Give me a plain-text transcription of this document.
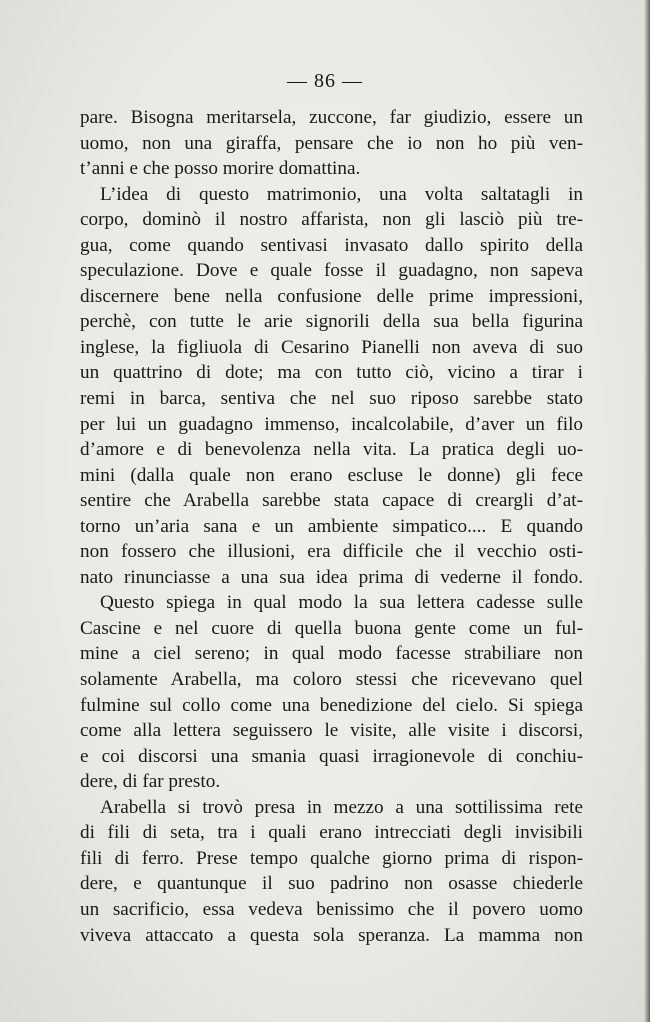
— 86 —
pare. Bisogna meritarsela, zuccone, far giudizio, essere un
uomo, non una giraffa, pensare che io non ho più ven-
t’anni e che posso morire domattina.
L’idea di questo matrimonio, una volta saltatagli in
corpo, dominò il nostro affarista, non gli lasciò più tre-
gua, come quando sentivasi invasato dallo spirito della
speculazione. Dove e quale fosse il guadagno, non sapeva
discernere bene nella confusione delle prime impressioni,
perchè, con tutte le arie signorili della sua bella figurina
inglese, la figliuola di Cesarino Pianelli non aveva di suo
un quattrino di dote; ma con tutto ciò, vicino a tirar i
remi in barca, sentiva che nel suo riposo sarebbe stato
per lui un guadagno immenso, incalcolabile, d’aver un filo
d’amore e di benevolenza nella vita. La pratica degli uo-
mini (dalla quale non erano escluse le donne) gli fece
sentire che Arabella sarebbe stata capace di creargli d’at-
torno un’aria sana e un ambiente simpatico.... E quando
non fossero che illusioni, era difficile che il vecchio osti-
nato rinunciasse a una sua idea prima di vederne il fondo.
Questo spiega in qual modo la sua lettera cadesse sulle
Cascine e nel cuore di quella buona gente come un ful-
mine a ciel sereno; in qual modo facesse strabiliare non
solamente Arabella, ma coloro stessi che ricevevano quel
fulmine sul collo come una benedizione del cielo. Si spiega
come alla lettera seguissero le visite, alle visite i discorsi,
e coi discorsi una smania quasi irragionevole di conchiu-
dere, di far presto.
Arabella si trovò presa in mezzo a una sottilissima rete
di fili di seta, tra i quali erano intrecciati degli invisibili
fili di ferro. Prese tempo qualche giorno prima di rispon-
dere, e quantunque il suo padrino non osasse chiederle
un sacrificio, essa vedeva benissimo che il povero uomo
viveva attaccato a questa sola speranza. La mamma non
